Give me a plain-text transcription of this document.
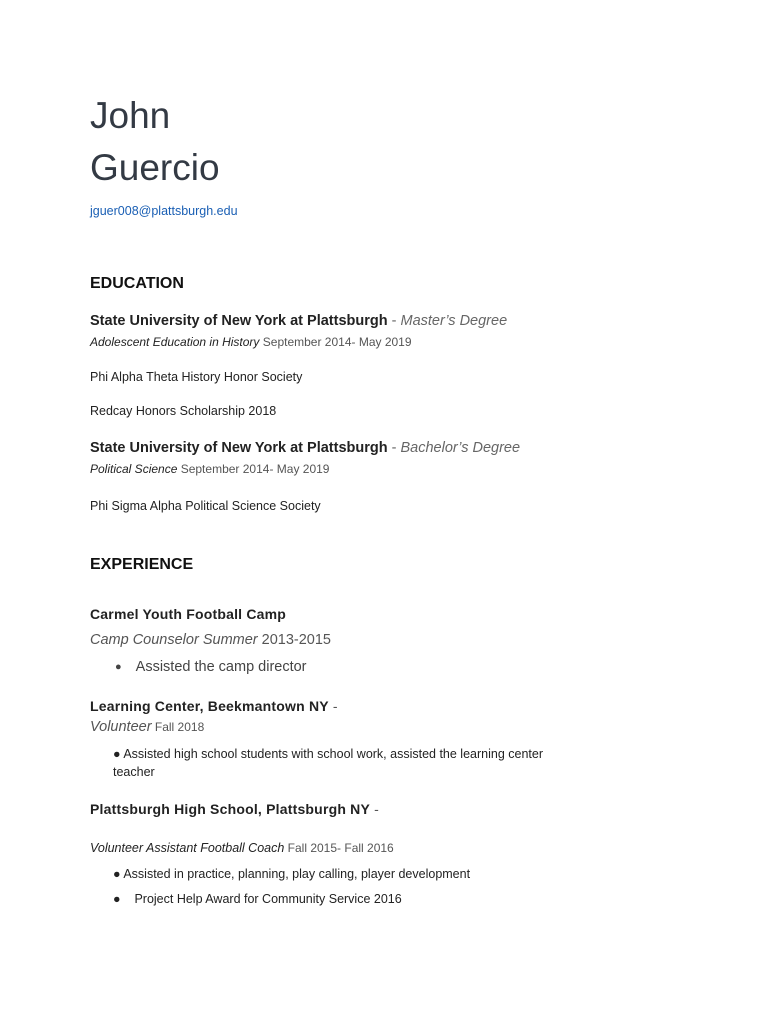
John
Guercio
jguer008@plattsburgh.edu
EDUCATION
State University of New York at Plattsburgh - Master’s Degree
Adolescent Education in History September 2014- May 2019
Phi Alpha Theta History Honor Society
Redcay Honors Scholarship 2018
State University of New York at Plattsburgh - Bachelor’s Degree
Political Science September 2014- May 2019
Phi Sigma Alpha Political Science Society
EXPERIENCE
Carmel Youth Football Camp
Camp Counselor Summer 2013-2015
● Assisted the camp director
Learning Center, Beekmantown NY -
Volunteer Fall 2018
● Assisted high school students with school work, assisted the learning center teacher
Plattsburgh High School, Plattsburgh NY -
Volunteer Assistant Football Coach Fall 2015- Fall 2016
● Assisted in practice, planning, play calling, player development
●    Project Help Award for Community Service 2016
